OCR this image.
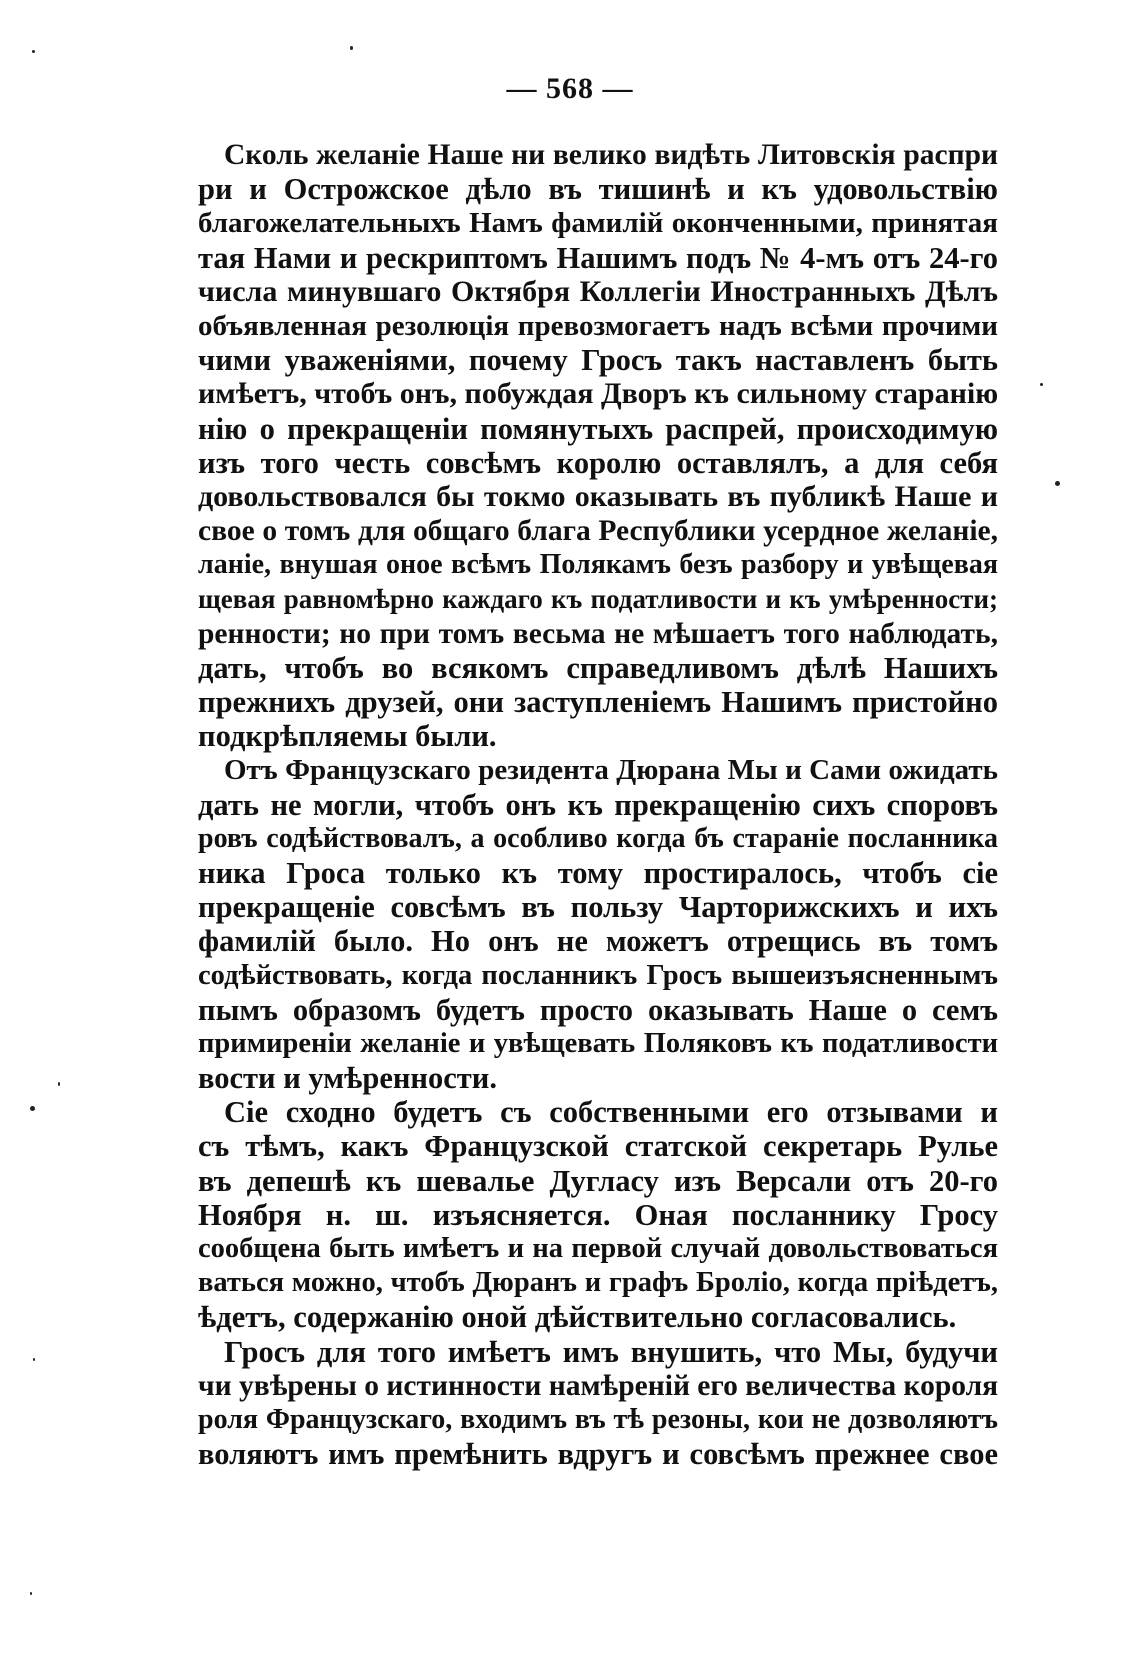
— 568 —
Сколь желаніе Наше ни велико видѣть Литовскія распри
ри и Острожское дѣло въ тишинѣ и къ удовольствію
благожелательныхъ Намъ фамилій оконченными, принятая
тая Нами и рескриптомъ Нашимъ подъ № 4-мъ отъ 24-го
числа минувшаго Октября Коллегіи Иностранныхъ Дѣлъ
объявленная резолюція превозмогаетъ надъ всѣми прочими
чими уваженіями, почему Гросъ такъ наставленъ быть
имѣетъ, чтобъ онъ, побуждая Дворъ къ сильному старанію
нію о прекращеніи помянутыхъ распрей, происходимую
изъ того честь совсѣмъ королю оставлялъ, а для себя
довольствовался бы токмо оказывать въ публикѣ Наше и
свое о томъ для общаго блага Республики усердное желаніе,
ланіе, внушая оное всѣмъ Полякамъ безъ разбору и увѣщевая
щевая равномѣрно каждаго къ податливости и къ умѣренности;
ренности; но при томъ весьма не мѣшаетъ того наблюдать,
дать, чтобъ во всякомъ справедливомъ дѣлѣ Нашихъ
прежнихъ друзей, они заступленіемъ Нашимъ пристойно
подкрѣпляемы были.
Отъ Французскаго резидента Дюрана Мы и Сами ожидать
дать не могли, чтобъ онъ къ прекращенію сихъ споровъ
ровъ содѣйствовалъ, а особливо когда бъ стараніе посланника
ника Гроса только къ тому простиралось, чтобъ сіе
прекращеніе совсѣмъ въ пользу Чарторижскихъ и ихъ
фамилій было. Но онъ не можетъ отрещись въ томъ
содѣйствовать, когда посланникъ Гросъ вышеизъясненнымъ
пымъ образомъ будетъ просто оказывать Наше о семъ
примиреніи желаніе и увѣщевать Поляковъ къ податливости
вости и умѣренности.
Сіе сходно будетъ съ собственными его отзывами и
съ тѣмъ, какъ Французской статской секретарь Рулье
въ депешѣ къ шевалье Дугласу изъ Версали отъ 20-го
Ноября н. ш. изъясняется. Оная посланнику Гросу
сообщена быть имѣетъ и на первой случай довольствоваться
ваться можно, чтобъ Дюранъ и графъ Броліо, когда пріѣдетъ,
ѣдетъ, содержанію оной дѣйствительно согласовались.
Гросъ для того имѣетъ имъ внушить, что Мы, будучи
чи увѣрены о истинности намѣреній его величества короля
роля Французскаго, входимъ въ тѣ резоны, кои не дозволяютъ
воляютъ имъ премѣнить вдругъ и совсѣмъ прежнее свое
